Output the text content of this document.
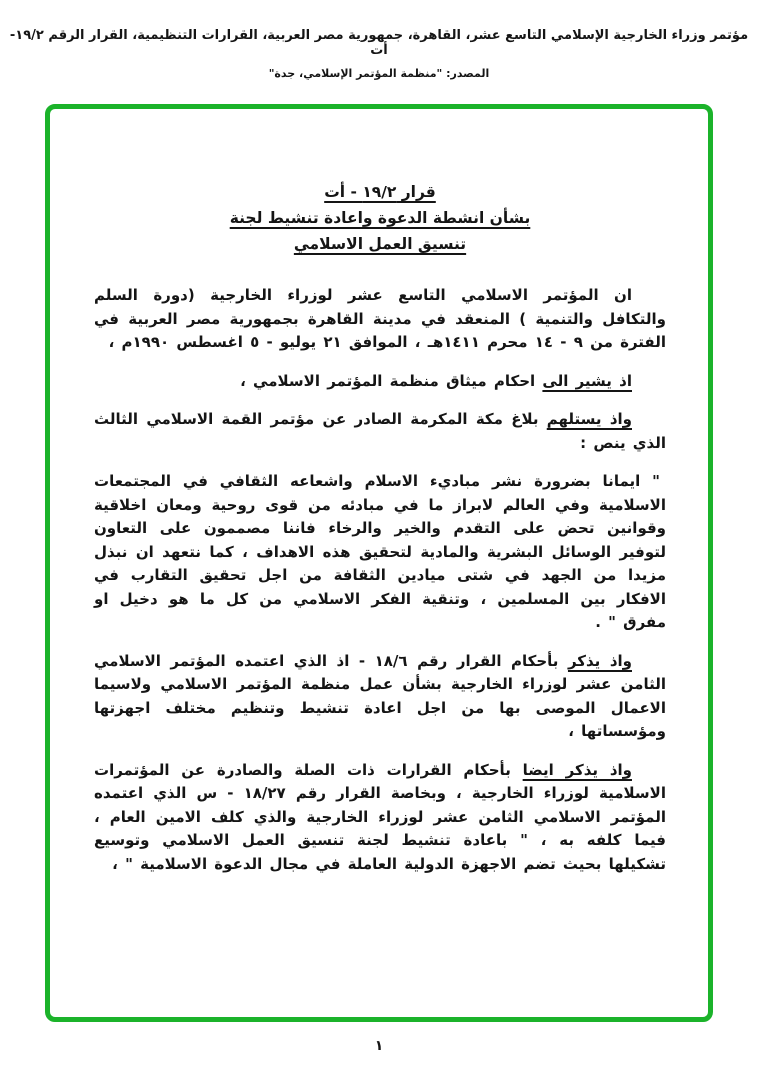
مؤتمر وزراء الخارجية الإسلامي التاسع عشر، القاهرة، جمهورية مصر العربية، القرارات التنظيمية، القرار الرقم ١٩/٢- أت
المصدر: "منظمة المؤتمر الإسلامي، جدة"
قرار ١٩/٢ - أت
بشأن انشطة الدعوة واعادة تنشيط لجنة
تنسيق العمل الاسلامي

ان المؤتمر الاسلامي التاسع عشر لوزراء الخارجية (دورة السلم والتكافل والتنمية ) المنعقد في مدينة القاهرة بجمهورية مصر العربية في الفترة من ٩ - ١٤ محرم ١٤١١هـ ، الموافق ٢١ يوليو - ٥ اغسطس ١٩٩٠م ،

اذ يشير الى احكام ميثاق منظمة المؤتمر الاسلامي ،

واذ يستلهم بلاغ مكة المكرمة الصادر عن مؤتمر القمة الاسلامي الثالث الذي ينص :

" ايمانا بضرورة نشر مباديء الاسلام واشعاعه الثقافي في المجتمعات الاسلامية وفي العالم لابراز ما في مبادئه من قوى روحية ومعان اخلاقية وقوانين تحض على التقدم والخير والرخاء فاننا مصممون على التعاون لتوفير الوسائل البشرية والمادية لتحقيق هذه الاهداف ، كما نتعهد ان نبذل مزيدا من الجهد في شتى ميادين الثقافة من اجل تحقيق التقارب في الافكار بين المسلمين ، وتنقية الفكر الاسلامي من كل ما هو دخيل او مفرق " .

واذ يذكر بأحكام القرار رقم ١٨/٦ - اذ الذي اعتمده المؤتمر الاسلامي الثامن عشر لوزراء الخارجية بشأن عمل منظمة المؤتمر الاسلامي ولاسيما الاعمال الموصى بها من اجل اعادة تنشيط وتنظيم مختلف اجهزتها ومؤسساتها ،

واذ يذكر ايضا بأحكام القرارات ذات الصلة والصادرة عن المؤتمرات الاسلامية لوزراء الخارجية ، وبخاصة القرار رقم ١٨/٢٧ - س الذي اعتمده المؤتمر الاسلامي الثامن عشر لوزراء الخارجية والذي كلف الامين العام ، فيما كلفه به ، " باعادة تنشيط لجنة تنسيق العمل الاسلامي وتوسيع تشكيلها بحيث تضم الاجهزة الدولية العاملة في مجال الدعوة الاسلامية " ،

١
